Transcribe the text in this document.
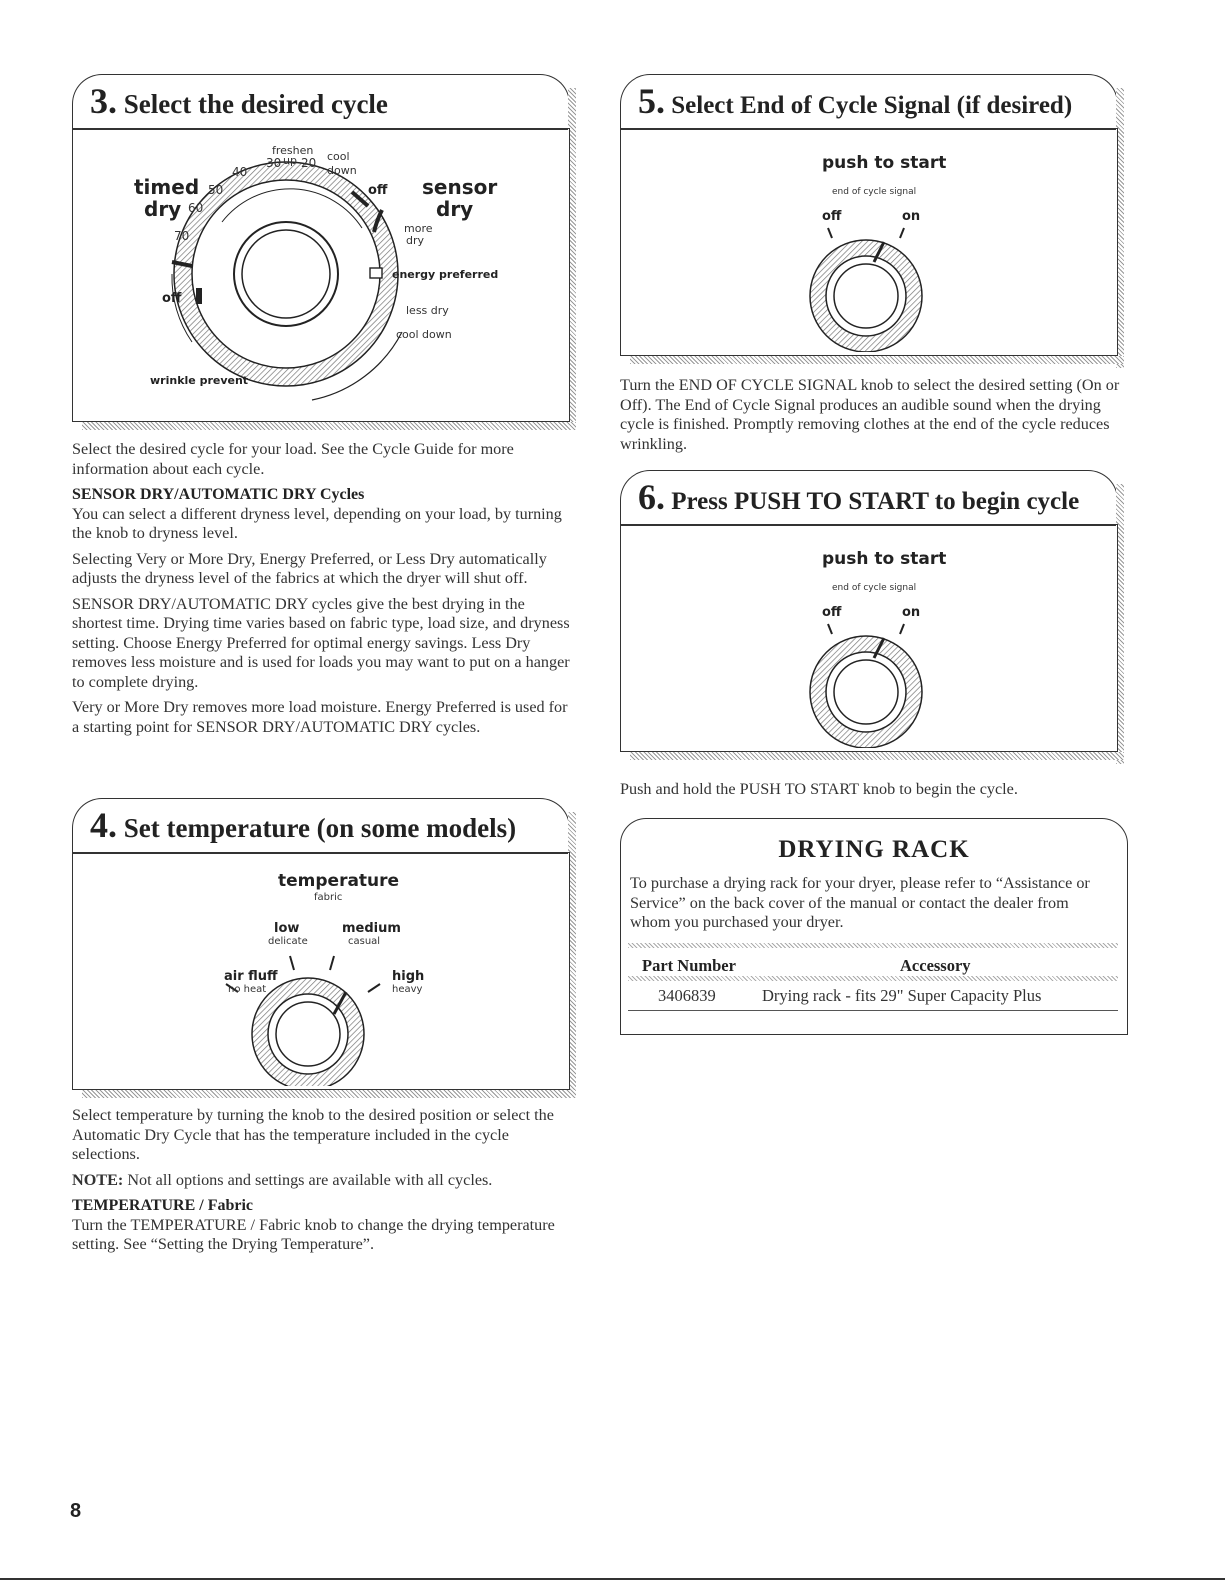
3. Select the desired cycle
freshen
30 up 20
40
cool
down
timed
dry
50
60
70
off sensor
dry
more
dry
energy preferred
less dry
cool down
off
wrinkle prevent

Select the desired cycle for your load. See the Cycle Guide for more information about each cycle.

SENSOR DRY/AUTOMATIC DRY Cycles

You can select a different dryness level, depending on your load, by turning the knob to dryness level.

Selecting Very or More Dry, Energy Preferred, or Less Dry automatically adjusts the dryness level of the fabrics at which the dryer will shut off.

SENSOR DRY/AUTOMATIC DRY cycles give the best drying in the shortest time. Drying time varies based on fabric type, load size, and dryness setting. Choose Energy Preferred for optimal energy savings. Less Dry removes less moisture and is used for loads you may want to put on a hanger to complete drying.

Very or More Dry removes more load moisture. Energy Preferred is used for a starting point for SENSOR DRY/AUTOMATIC DRY cycles.

4. Set temperature (on some models)
temperature
fabric
low
delicate
medium
casual
air fluff
no heat
high
heavy

Select temperature by turning the knob to the desired position or select the Automatic Dry Cycle that has the temperature included in the cycle selections.

NOTE: Not all options and settings are available with all cycles.

TEMPERATURE / Fabric

Turn the TEMPERATURE / Fabric knob to change the drying temperature setting. See “Setting the Drying Temperature”.

5. Select End of Cycle Signal (if desired)
push to start
end of cycle signal
off	on

Turn the END OF CYCLE SIGNAL knob to select the desired setting (On or Off). The End of Cycle Signal produces an audible sound when the drying cycle is finished. Promptly removing clothes at the end of the cycle reduces wrinkling.

6. Press PUSH TO START to begin cycle
push to start
end of cycle signal
off	on

Push and hold the PUSH TO START knob to begin the cycle.

DRYING RACK
To purchase a drying rack for your dryer, please refer to “Assistance or Service” on the back cover of the manual or contact the dealer from whom you purchased your dryer.
Part Number	Accessory
3406839	Drying rack - fits 29" Super Capacity Plus
8
